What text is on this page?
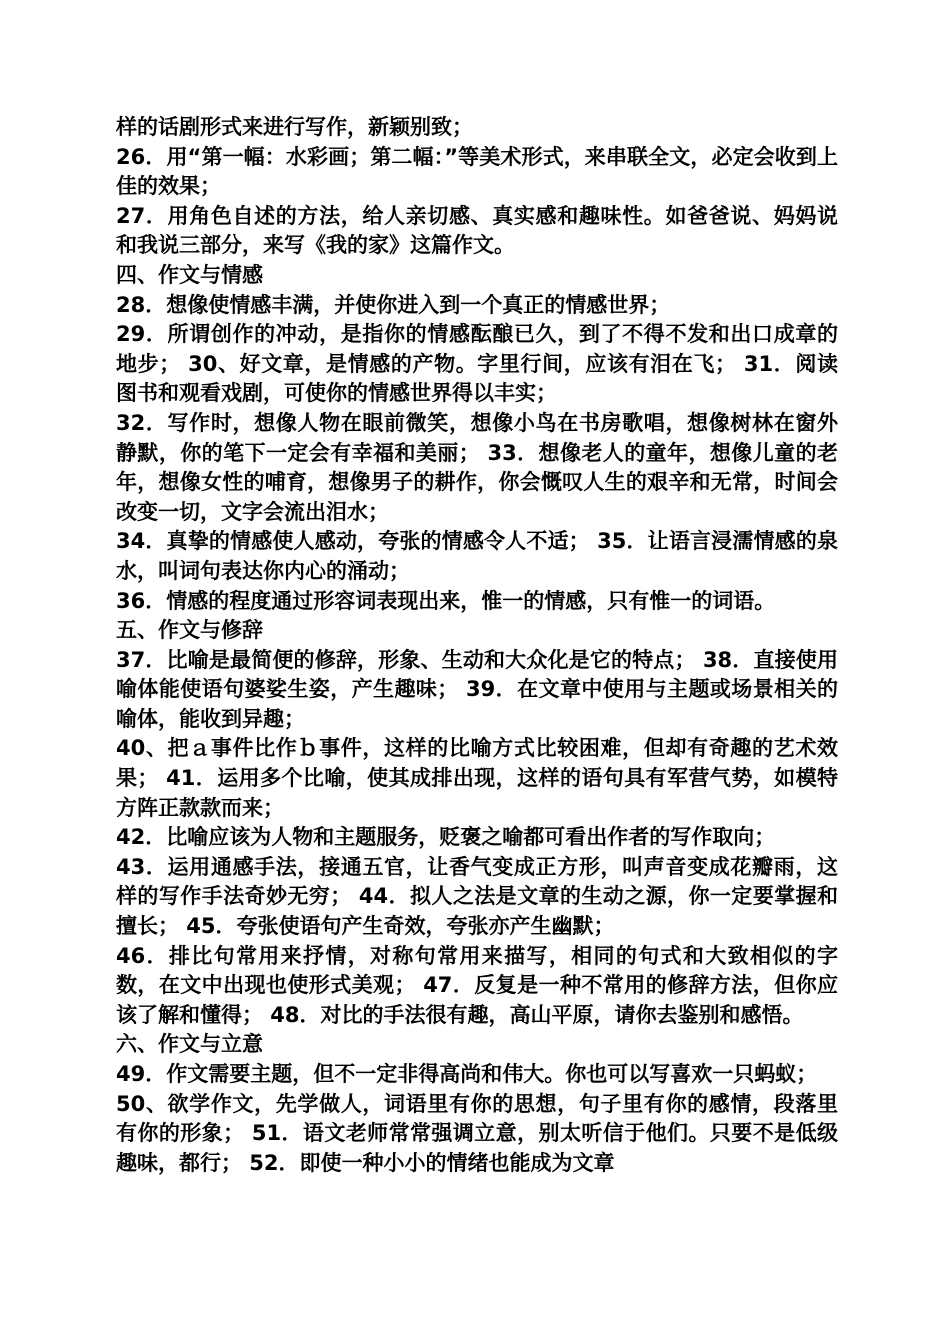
样的话剧形式来进行写作，新颖别致；

26．用“第一幅：水彩画；第二幅：”等美术形式，来串联全文，必定会收到上佳的效果；

27．用角色自述的方法，给人亲切感、真实感和趣味性。如爸爸说、妈妈说和我说三部分，来写《我的家》这篇作文。

四、作文与情感

28．想像使情感丰满，并使你进入到一个真正的情感世界；

29．所谓创作的冲动，是指你的情感酝酿已久，到了不得不发和出口成章的地步； 30、好文章，是情感的产物。字里行间，应该有泪在飞； 31．阅读图书和观看戏剧，可使你的情感世界得以丰实；

32．写作时，想像人物在眼前微笑，想像小鸟在书房歌唱，想像树林在窗外静默，你的笔下一定会有幸福和美丽； 33．想像老人的童年，想像儿童的老年，想像女性的哺育，想像男子的耕作，你会慨叹人生的艰辛和无常，时间会改变一切，文字会流出泪水；

34．真挚的情感使人感动，夸张的情感令人不适； 35．让语言浸濡情感的泉水，叫词句表达你内心的涌动；

36．情感的程度通过形容词表现出来，惟一的情感，只有惟一的词语。

五、作文与修辞

37．比喻是最简便的修辞，形象、生动和大众化是它的特点； 38．直接使用喻体能使语句婆娑生姿，产生趣味； 39．在文章中使用与主题或场景相关的喻体，能收到异趣；

40、把ａ事件比作ｂ事件，这样的比喻方式比较困难，但却有奇趣的艺术效果； 41．运用多个比喻，使其成排出现，这样的语句具有军营气势，如模特方阵正款款而来；

42．比喻应该为人物和主题服务，贬褒之喻都可看出作者的写作取向；

43．运用通感手法，接通五官，让香气变成正方形，叫声音变成花瓣雨，这样的写作手法奇妙无穷； 44．拟人之法是文章的生动之源，你一定要掌握和擅长； 45．夸张使语句产生奇效，夸张亦产生幽默；

46．排比句常用来抒情，对称句常用来描写，相同的句式和大致相似的字数，在文中出现也使形式美观； 47．反复是一种不常用的修辞方法，但你应该了解和懂得； 48．对比的手法很有趣，高山平原，请你去鉴别和感悟。

六、作文与立意

49．作文需要主题，但不一定非得高尚和伟大。你也可以写喜欢一只蚂蚁；

50、欲学作文，先学做人，词语里有你的思想，句子里有你的感情，段落里有你的形象； 51．语文老师常常强调立意，别太听信于他们。只要不是低级趣味，都行； 52．即使一种小小的情绪也能成为文章
